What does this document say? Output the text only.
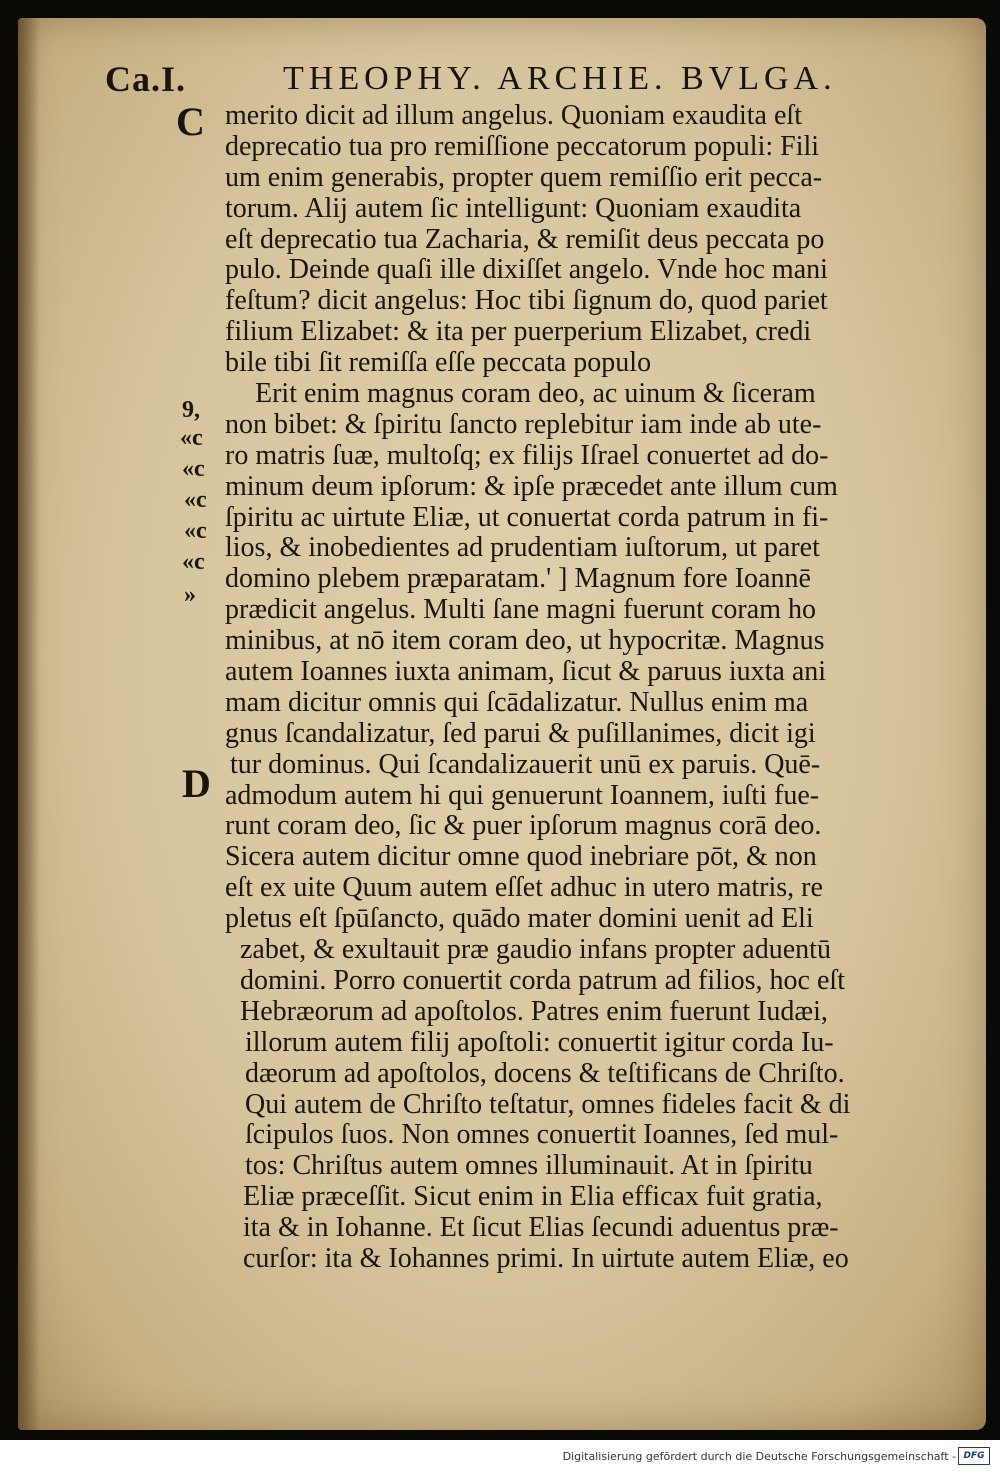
Ca.I.	THEOPHY. ARCHIE. BVLGA.
C
D
9,
«c
«c
«c
«c
«c
»
merito dicit ad illum angelus. Quoniam exaudita eſt
deprecatio tua pro remiſſione peccatorum populi: Fili
um enim generabis, propter quem remiſſio erit pecca-
torum. Alij autem ſic intelligunt: Quoniam exaudita
eſt deprecatio tua Zacharia, & remiſit deus peccata po
pulo. Deinde quaſi ille dixiſſet angelo. Vnde hoc mani
feſtum? dicit angelus: Hoc tibi ſignum do, quod pariet
filium Elizabet: & ita per puerperium Elizabet, credi
bile tibi ſit remiſſa eſſe peccata populo
Erit enim magnus coram deo, ac uinum & ſiceram
non bibet: & ſpiritu ſancto replebitur iam inde ab ute-
ro matris ſuæ, multoſq; ex filijs Iſrael conuertet ad do-
minum deum ipſorum: & ipſe præcedet ante illum cum
ſpiritu ac uirtute Eliæ, ut conuertat corda patrum in fi-
lios, & inobedientes ad prudentiam iuſtorum, ut paret
domino plebem præparatam.' ] Magnum fore Ioannē
prædicit angelus. Multi ſane magni fuerunt coram ho
minibus, at nō item coram deo, ut hypocritæ. Magnus
autem Ioannes iuxta animam, ſicut & paruus iuxta ani
mam dicitur omnis qui ſcādalizatur. Nullus enim ma
gnus ſcandalizatur, ſed parui & puſillanimes, dicit igi
tur dominus. Qui ſcandalizauerit unū ex paruis. Quē-
admodum autem hi qui genuerunt Ioannem, iuſti fue-
runt coram deo, ſic & puer ipſorum magnus corā deo.
Sicera autem dicitur omne quod inebriare pōt, & non
eſt ex uite Quum autem eſſet adhuc in utero matris, re
pletus eſt ſpūſancto, quādo mater domini uenit ad Eli
zabet, & exultauit præ gaudio infans propter aduentū
domini. Porro conuertit corda patrum ad filios, hoc eſt
Hebræorum ad apoſtolos. Patres enim fuerunt Iudæi,
illorum autem filij apoſtoli: conuertit igitur corda Iu-
dæorum ad apoſtolos, docens & teſtificans de Chriſto.
Qui autem de Chriſto teſtatur, omnes fideles facit & di
ſcipulos ſuos. Non omnes conuertit Ioannes, ſed mul-
tos: Chriſtus autem omnes illuminauit. At in ſpiritu
Eliæ præceſſit. Sicut enim in Elia efficax fuit gratia,
ita & in Iohanne. Et ſicut Elias ſecundi aduentus præ-
curſor: ita & Iohannes primi. In uirtute autem Eliæ, eo
Digitalisierung gefördert durch die Deutsche Forschungsgemeinschaft - DFG
